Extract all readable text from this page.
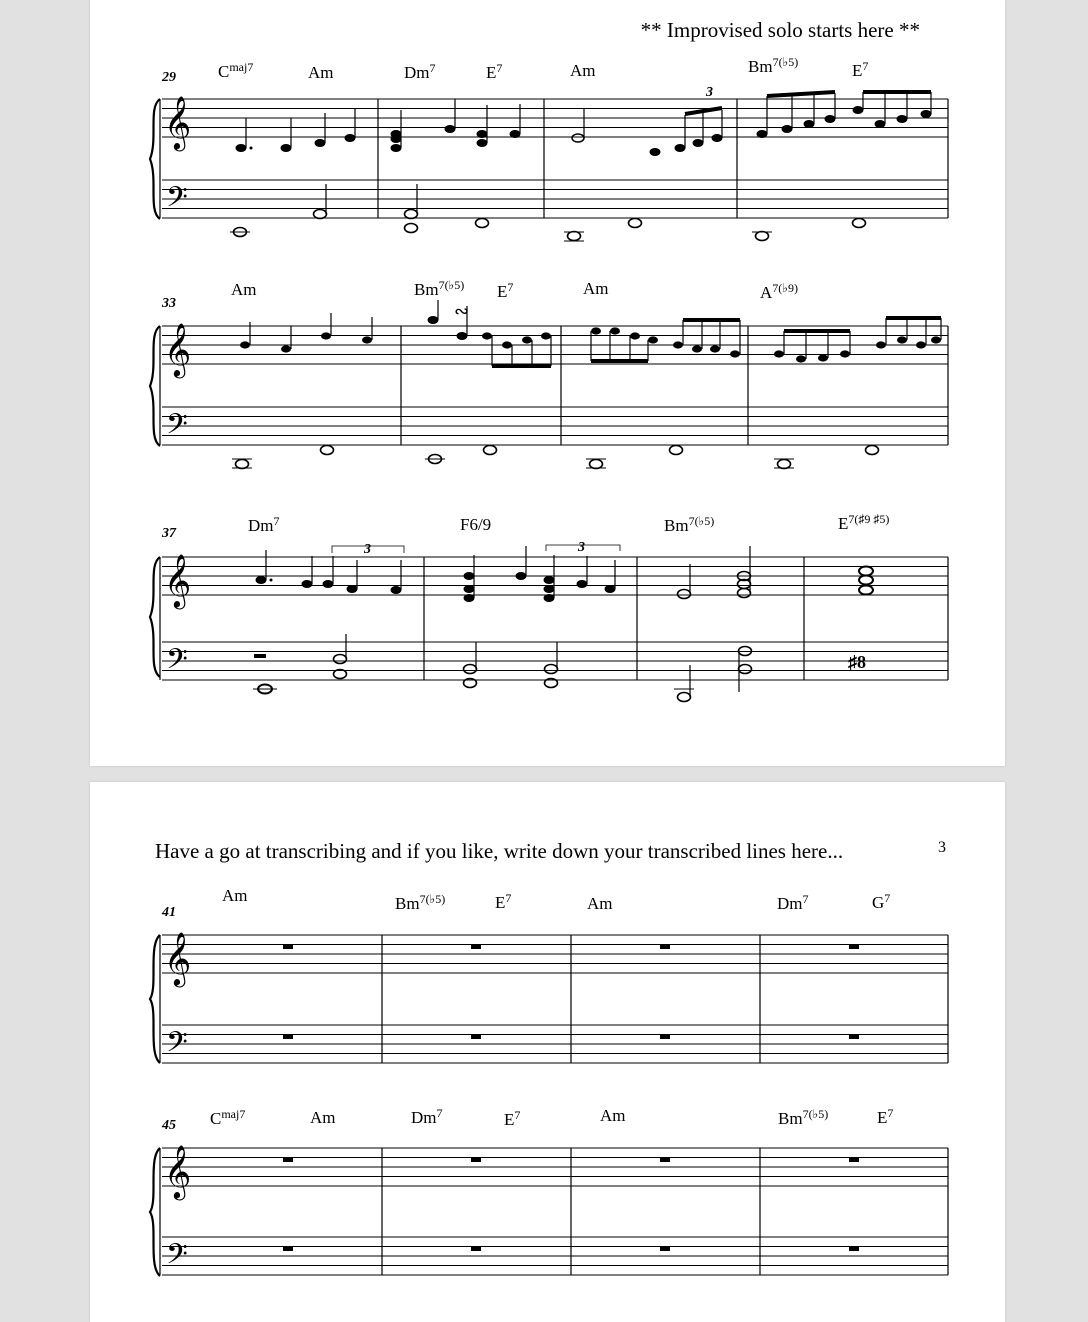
** Improvised solo starts here **
29 $C^{maj7}$	Am	Dm$^7$	$E^7$	Am	$Bm^{7(♭5)}$	$E^7$
𝄞
𝄢
3
33
Am	$Bm^{7(♭5)}$ $E^7$	Am	$A^{7(♭9)}$
𝄞
𝄢
∾
37	Dm$^7$	F6/9	$Bm^{7(♭5)}$	$E^{7(♯9 ♯5)}$
𝄞
𝄢
3	3
♯8
Have a go at transcribing and if you like, write down your transcribed lines here...	3
41
Am	$Bm^{7(♭5)}$	$E^7$	Am	Dm$^7$	$G^7$
𝄞
𝄢
45 $C^{maj7}$	Am	Dm$^7$	$E^7$	Am	$Bm^{7(♭5)}$	$E^7$
𝄞
𝄢
